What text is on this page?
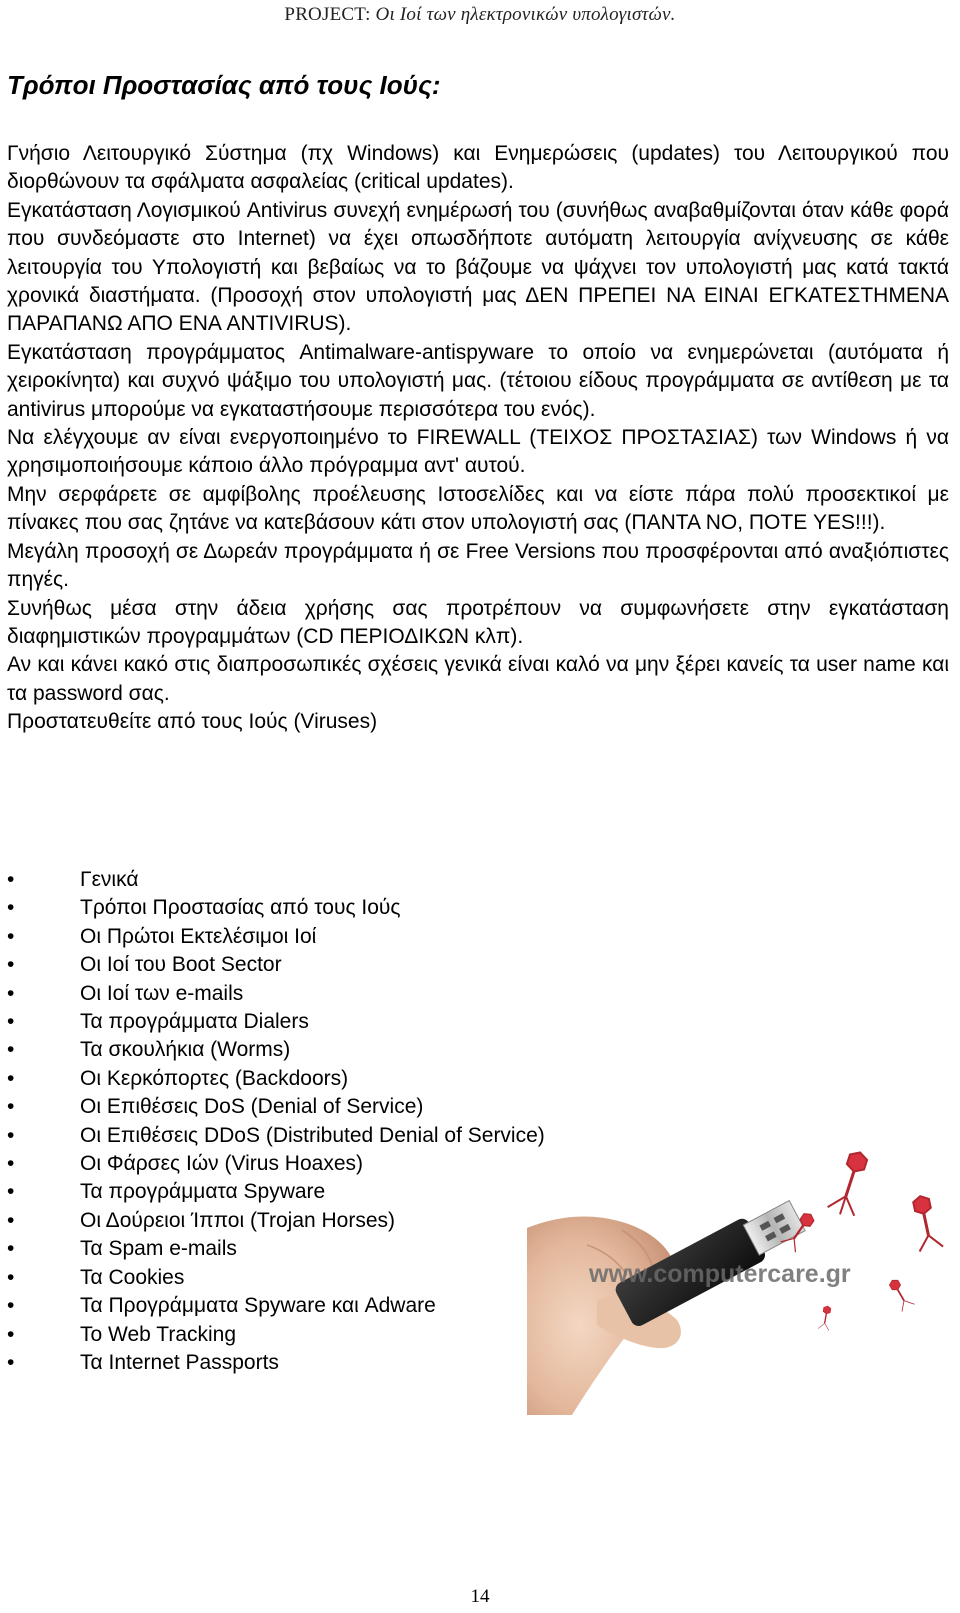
PROJECT: Οι Ιοί των ηλεκτρονικών υπολογιστών.
Τρόποι Προστασίας από τους Ιούς:

Γνήσιο Λειτουργικό Σύστημα (πχ Windows) και Ενημερώσεις (updates) του Λειτουργικού που διορθώνουν τα σφάλματα ασφαλείας (critical updates).

Εγκατάσταση Λογισμικού Antivirus συνεχή ενημέρωσή του (συνήθως αναβαθμίζονται όταν κάθε φορά που συνδεόμαστε στο Internet) να έχει οπωσδήποτε αυτόματη λειτουργία ανίχνευσης σε κάθε λειτουργία του Υπολογιστή και βεβαίως να το βάζουμε να ψάχνει τον υπολογιστή μας κατά τακτά χρονικά διαστήματα. (Προσοχή στον υπολογιστή μας ΔΕΝ ΠΡΕΠΕΙ ΝΑ ΕΙΝΑΙ ΕΓΚΑΤΕΣΤΗΜΕΝΑ ΠΑΡΑΠΑΝΩ ΑΠΟ ΕΝΑ ANTIVIRUS).

Εγκατάσταση προγράμματος Antimalware-antispyware το οποίο να ενημερώνεται (αυτόματα ή χειροκίνητα) και συχνό ψάξιμο του υπολογιστή μας. (τέτοιου είδους προγράμματα σε αντίθεση με τα antivirus μπορούμε να εγκαταστήσουμε περισσότερα του ενός).

Να ελέγχουμε αν είναι ενεργοποιημένο το FIREWALL (ΤΕΙΧΟΣ ΠΡΟΣΤΑΣΙΑΣ) των Windows ή να χρησιμοποιήσουμε κάποιο άλλο πρόγραμμα αντ' αυτού.

Μην σερφάρετε σε αμφίβολης προέλευσης Ιστοσελίδες και να είστε πάρα πολύ προσεκτικοί με πίνακες που σας ζητάνε να κατεβάσουν κάτι στον υπολογιστή σας (ΠΑΝΤΑ ΝΟ, ΠΟΤΕ YES!!!).

Μεγάλη προσοχή σε Δωρεάν προγράμματα ή σε Free Versions που προσφέρονται από αναξιόπιστες πηγές.

Συνήθως μέσα στην άδεια χρήσης σας προτρέπουν να συμφωνήσετε στην εγκατάσταση διαφημιστικών προγραμμάτων (CD ΠΕΡΙΟΔΙΚΩΝ κλπ).

Αν και κάνει κακό στις διαπροσωπικές σχέσεις γενικά είναι καλό να μην ξέρει κανείς τα user name και τα password σας.

Προστατευθείτε από τους Ιούς (Viruses)

•	Γενικά
•	Τρόποι Προστασίας από τους Ιούς
•	Οι Πρώτοι Εκτελέσιμοι Ιοί
•	Οι Ιοί του Boot Sector
•	Οι Ιοί των e-mails
•	Τα προγράμματα Dialers
•	Τα σκουλήκια (Worms)
•	Οι Κερκόπορτες (Backdoors)
•	Οι Επιθέσεις DoS (Denial of Service)
•	Οι Επιθέσεις DDoS (Distributed Denial of Service)
•	Οι Φάρσες Ιών (Virus Hoaxes)
•	Τα προγράμματα Spyware
•	Οι Δούρειοι Ίπποι (Trojan Horses)
•	Τα Spam e-mails
•	Τα Cookies
•	Τα Προγράμματα Spyware και Adware
•	Το Web Tracking
•	Τα Internet Passports
www.computercare.gr
14
